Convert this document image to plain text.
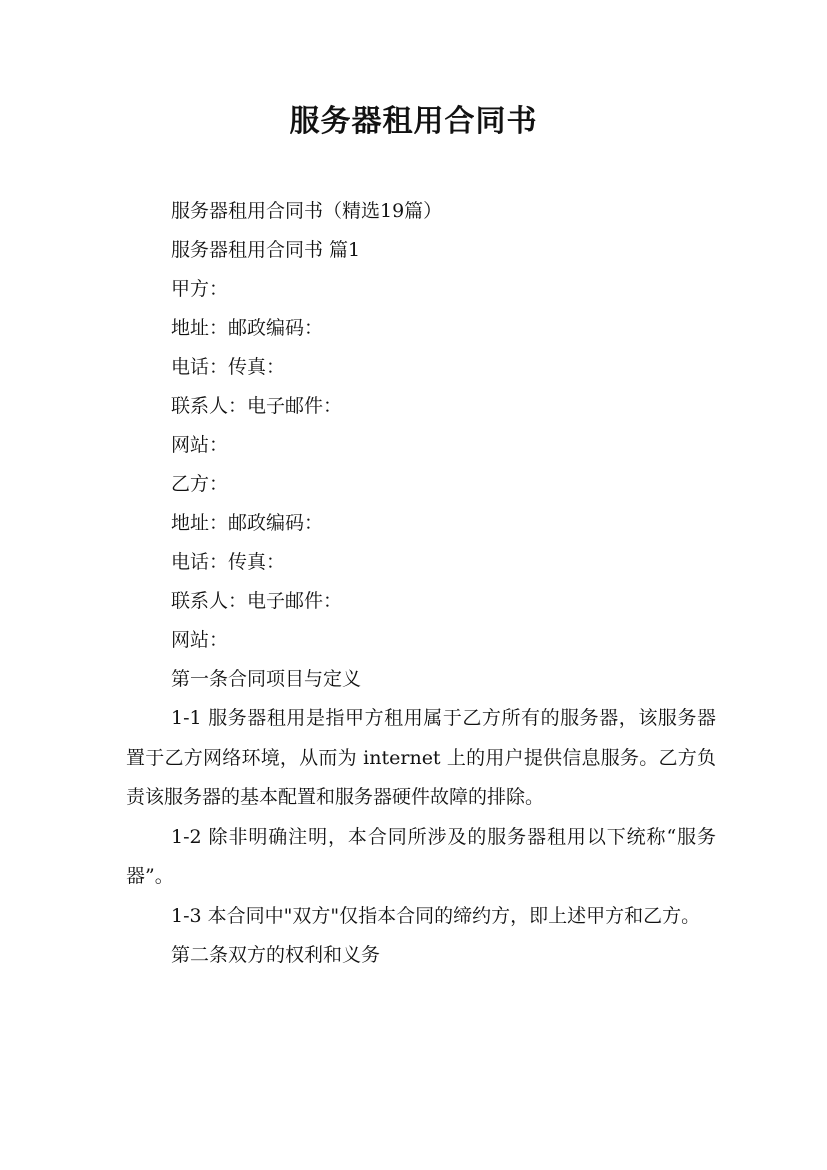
服务器租用合同书

服务器租用合同书（精选19篇）

服务器租用合同书 篇1

甲方：

地址：邮政编码：

电话：传真：

联系人：电子邮件：

网站：

乙方：

地址：邮政编码：

电话：传真：

联系人：电子邮件：

网站：

第一条合同项目与定义

1-1 服务器租用是指甲方租用属于乙方所有的服务器，该服务器置于乙方网络环境，从而为 internet 上的用户提供信息服务。乙方负责该服务器的基本配置和服务器硬件故障的排除。

1-2 除非明确注明，本合同所涉及的服务器租用以下统称“服务器”。

1-3 本合同中"双方"仅指本合同的缔约方，即上述甲方和乙方。

第二条双方的权利和义务
